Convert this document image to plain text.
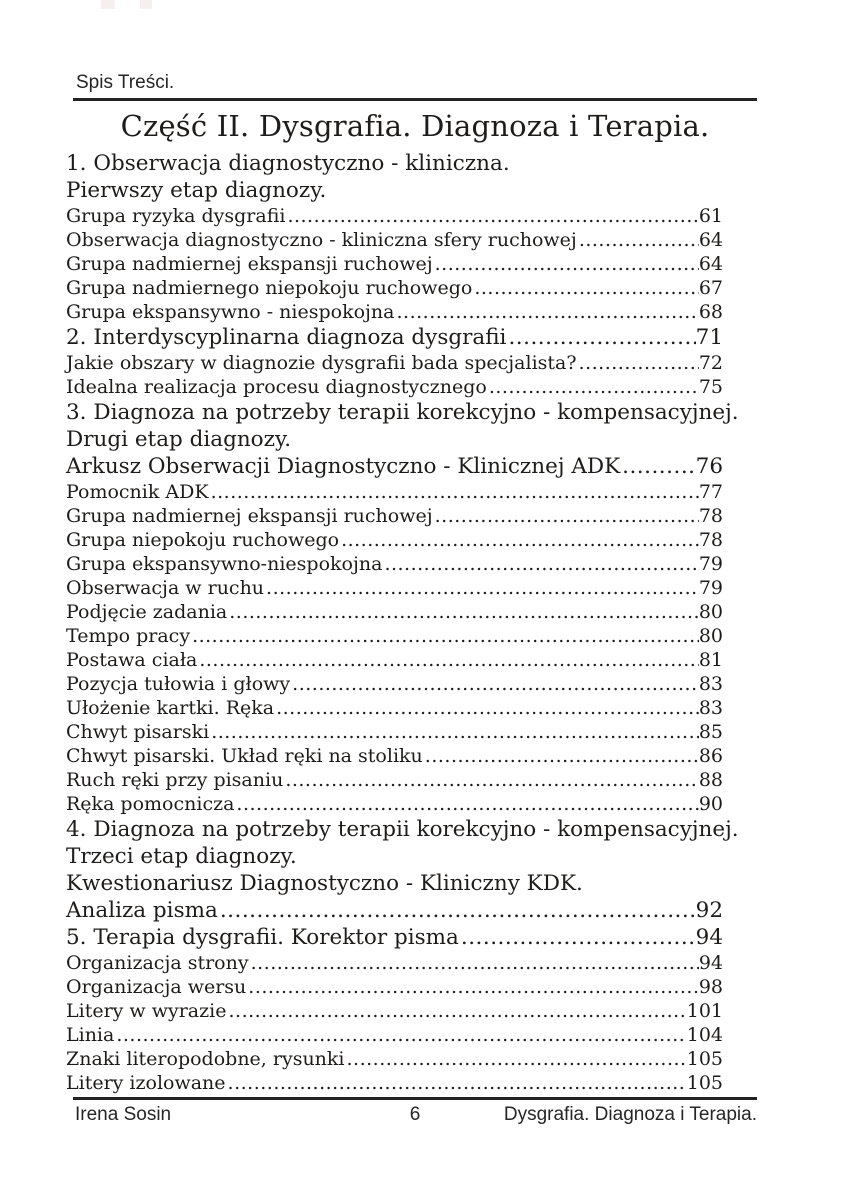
Spis Treści.
Część II. Dysgrafia. Diagnoza i Terapia.
1. Obserwacja diagnostyczno - kliniczna.
Pierwszy etap diagnozy.
Grupa ryzyka dysgrafii .....	61
Obserwacja diagnostyczno - kliniczna sfery ruchowej .....	64
Grupa nadmiernej ekspansji ruchowej .....	64
Grupa nadmiernego niepokoju ruchowego .....	67
Grupa ekspansywno - niespokojna .....	68
2. Interdyscyplinarna diagnoza dysgrafii .....	71
Jakie obszary w diagnozie dysgrafii bada specjalista? .....	72
Idealna realizacja procesu diagnostycznego .....	75
3. Diagnoza na potrzeby terapii korekcyjno - kompensacyjnej.
Drugi etap diagnozy.
Arkusz Obserwacji Diagnostyczno - Klinicznej ADK .....	76
Pomocnik ADK .....	77
Grupa nadmiernej ekspansji ruchowej .....	78
Grupa niepokoju ruchowego .....	78
Grupa ekspansywno-niespokojna .....	79
Obserwacja w ruchu .....	79
Podjęcie zadania .....	80
Tempo pracy .....	80
Postawa ciała .....	81
Pozycja tułowia i głowy .....	83
Ułożenie kartki. Ręka .....	83
Chwyt pisarski .....	85
Chwyt pisarski. Układ ręki na stoliku .....	86
Ruch ręki przy pisaniu .....	88
Ręka pomocnicza .....	90
4. Diagnoza na potrzeby terapii korekcyjno - kompensacyjnej.
Trzeci etap diagnozy.
Kwestionariusz Diagnostyczno - Kliniczny KDK.
Analiza pisma .....	92
5. Terapia dysgrafii. Korektor pisma .....	94
Organizacja strony .....	94
Organizacja wersu .....	98
Litery w wyrazie .....	101
Linia .....	104
Znaki literopodobne, rysunki .....	105
Litery izolowane .....	105
Irena Sosin	6	Dysgrafia. Diagnoza i Terapia.
